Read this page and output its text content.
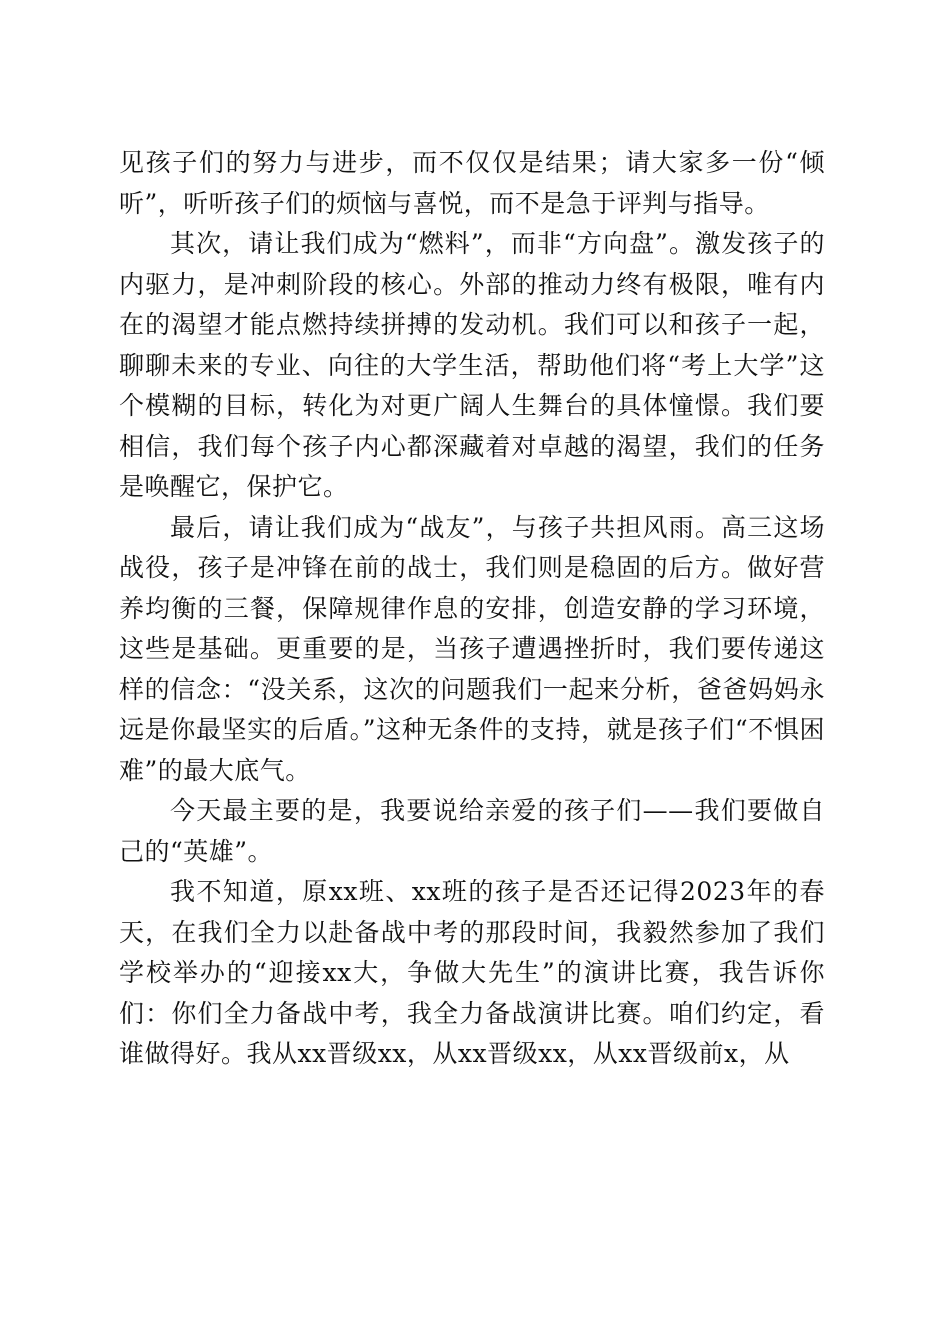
见孩子们的努力与进步，而不仅仅是结果；请大家多一份“倾听”，听听孩子们的烦恼与喜悦，而不是急于评判与指导。

其次，请让我们成为“燃料”，而非“方向盘”。激发孩子的内驱力，是冲刺阶段的核心。外部的推动力终有极限，唯有内在的渴望才能点燃持续拼搏的发动机。我们可以和孩子一起，聊聊未来的专业、向往的大学生活，帮助他们将“考上大学”这个模糊的目标，转化为对更广阔人生舞台的具体憧憬。我们要相信，我们每个孩子内心都深藏着对卓越的渴望，我们的任务是唤醒它，保护它。

最后，请让我们成为“战友”，与孩子共担风雨。高三这场战役，孩子是冲锋在前的战士，我们则是稳固的后方。做好营养均衡的三餐，保障规律作息的安排，创造安静的学习环境，这些是基础。更重要的是，当孩子遭遇挫折时，我们要传递这样的信念：“没关系，这次的问题我们一起来分析，爸爸妈妈永远是你最坚实的后盾。”这种无条件的支持，就是孩子们“不惧困难”的最大底气。

今天最主要的是，我要说给亲爱的孩子们——我们要做自己的“英雄”。

我不知道，原xx班、xx班的孩子是否还记得2023年的春天，在我们全力以赴备战中考的那段时间，我毅然参加了我们学校举办的“迎接xx大，争做大先生”的演讲比赛，我告诉你们：你们全力备战中考，我全力备战演讲比赛。咱们约定，看谁做得好。我从xx晋级xx，从xx晋级xx，从xx晋级前x，从
